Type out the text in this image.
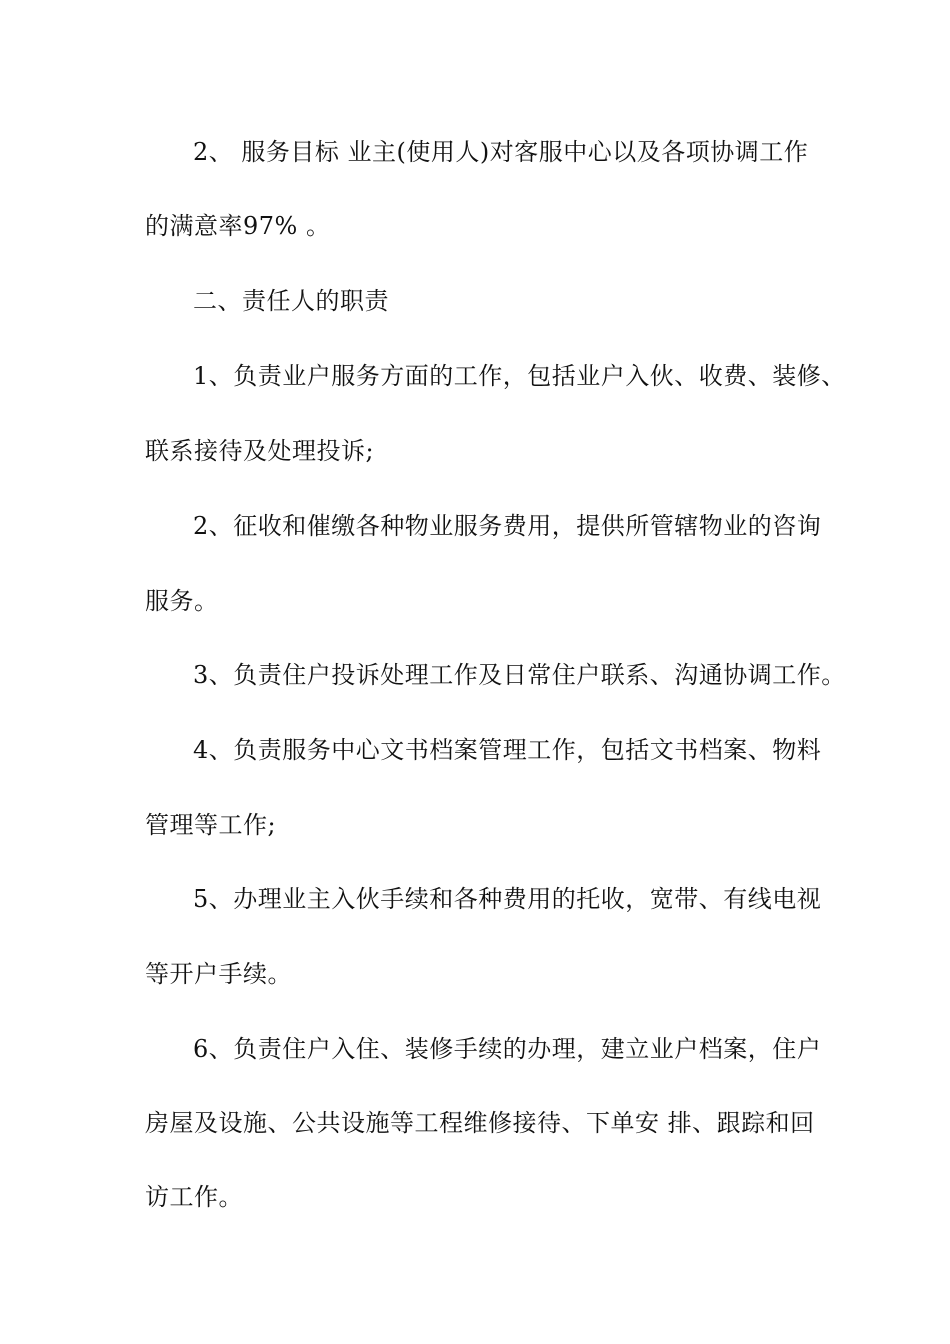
2、 服务目标 业主(使用人)对客服中心以及各项协调工作
的满意率97% 。
二、责任人的职责
1、负责业户服务方面的工作，包括业户入伙、收费、装修、
联系接待及处理投诉;
2、征收和催缴各种物业服务费用，提供所管辖物业的咨询
服务。
3、负责住户投诉处理工作及日常住户联系、沟通协调工作。
4、负责服务中心文书档案管理工作，包括文书档案、物料
管理等工作;
5、办理业主入伙手续和各种费用的托收，宽带、有线电视
等开户手续。
6、负责住户入住、装修手续的办理，建立业户档案，住户
房屋及设施、公共设施等工程维修接待、下单安 排、跟踪和回
访工作。
